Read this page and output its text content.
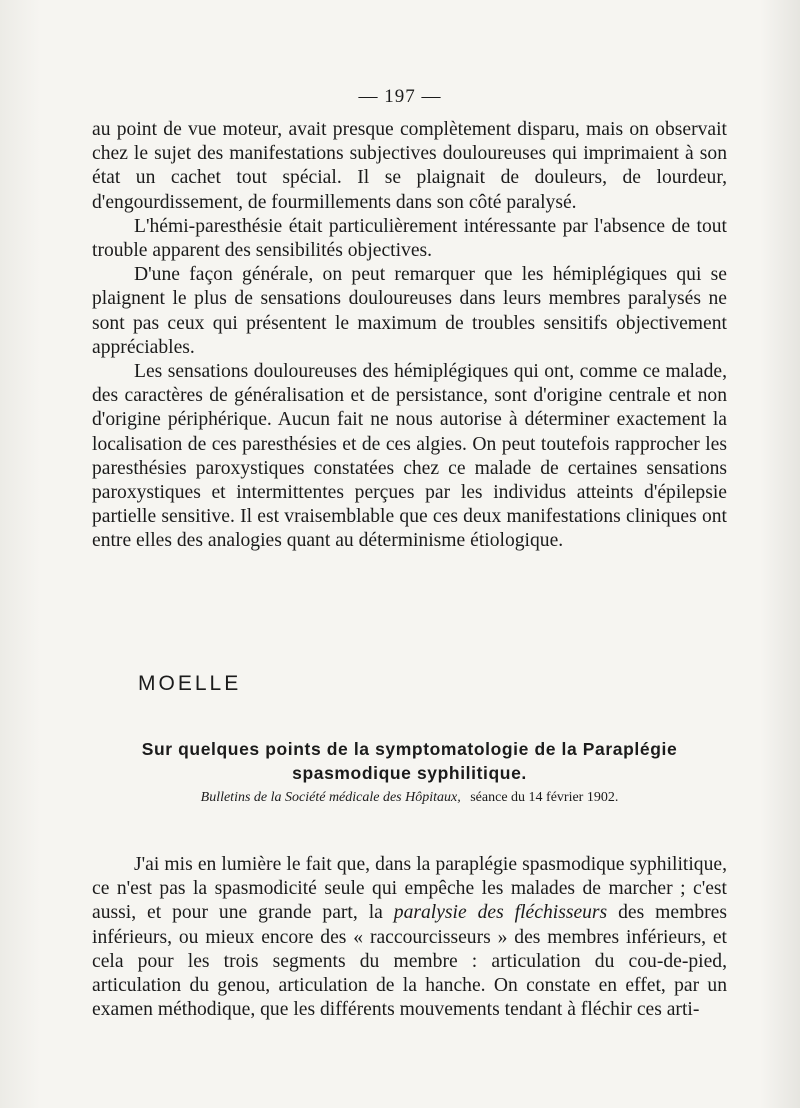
— 197 —

au point de vue moteur, avait presque complètement disparu, mais on observait chez le sujet des manifestations subjectives douloureuses qui imprimaient à son état un cachet tout spécial. Il se plaignait de douleurs, de lourdeur, d'engourdissement, de fourmillements dans son côté paralysé.

L'hémi-paresthésie était particulièrement intéressante par l'absence de tout trouble apparent des sensibilités objectives.

D'une façon générale, on peut remarquer que les hémiplégiques qui se plaignent le plus de sensations douloureuses dans leurs membres paralysés ne sont pas ceux qui présentent le maximum de troubles sensitifs objectivement appréciables.

Les sensations douloureuses des hémiplégiques qui ont, comme ce malade, des caractères de généralisation et de persistance, sont d'origine centrale et non d'origine périphérique. Aucun fait ne nous autorise à déterminer exactement la localisation de ces paresthésies et de ces algies. On peut toutefois rapprocher les paresthésies paroxystiques constatées chez ce malade de certaines sensations paroxystiques et intermittentes perçues par les individus atteints d'épilepsie partielle sensitive. Il est vraisemblable que ces deux manifestations cliniques ont entre elles des analogies quant au déterminisme étiologique.

MOELLE
Sur quelques points de la symptomatologie de la Paraplégie spasmodique syphilitique.
Bulletins de la Société médicale des Hôpitaux, séance du 14 février 1902.

J'ai mis en lumière le fait que, dans la paraplégie spasmodique syphilitique, ce n'est pas la spasmodicité seule qui empêche les malades de marcher ; c'est aussi, et pour une grande part, la paralysie des fléchisseurs des membres inférieurs, ou mieux encore des « raccourcisseurs » des membres inférieurs, et cela pour les trois segments du membre : articulation du cou-de-pied, articulation du genou, articulation de la hanche. On constate en effet, par un examen méthodique, que les différents mouvements tendant à fléchir ces arti-
